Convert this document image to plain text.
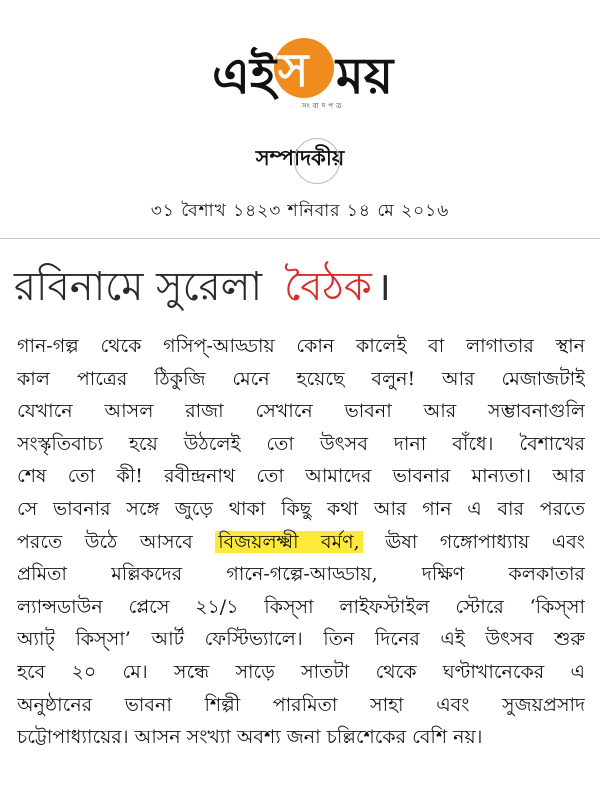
এই স ময়
সংবাদপত্র
সম্পাদকীয়
৩১ বৈশাখ ১৪২৩ শনিবার ১৪ মে ২০১৬
রবিনামে সুরেলা বৈঠক ।
গান-গল্প থেকে গসিপ্‌-আড্ডায় কোন কালেই বা লাগাতার স্থান
কাল পাত্রের ঠিকুজি মেনে হয়েছে বলুন! আর মেজাজটাই
যেখানে আসল রাজা সেখানে ভাবনা আর সম্ভাবনাগুলি
সংস্কৃতিবাচ্য হয়ে উঠলেই তো উৎসব দানা বাঁধে। বৈশাখের
শেষ তো কী! রবীন্দ্রনাথ তো আমাদের ভাবনার মান্যতা। আর
সে ভাবনার সঙ্গে জুড়ে থাকা কিছু কথা আর গান এ বার পরতে
পরতে উঠে আসবে বিজয়লক্ষ্মী বর্মণ, ঊষা গঙ্গোপাধ্যায় এবং
প্রমিতা মল্লিকদের গানে-গল্পে-আড্ডায়, দক্ষিণ কলকাতার
ল্যান্সডাউন প্লেসে ২১/১ কিস্‌সা লাইফস্টাইল স্টোরে ‘কিস্‌সা
অ্যাট্‌ কিস্‌সা’ আর্ট ফেস্টিভ্যালে। তিন দিনের এই উৎসব শুরু
হবে ২০ মে। সন্ধে সাড়ে সাতটা থেকে ঘণ্টাখানেকের এ
অনুষ্ঠানের ভাবনা শিল্পী পারমিতা সাহা এবং সুজয়প্রসাদ
চট্টোপাধ্যায়ের। আসন সংখ্যা অবশ্য জনা চল্লিশেকের বেশি নয়।
